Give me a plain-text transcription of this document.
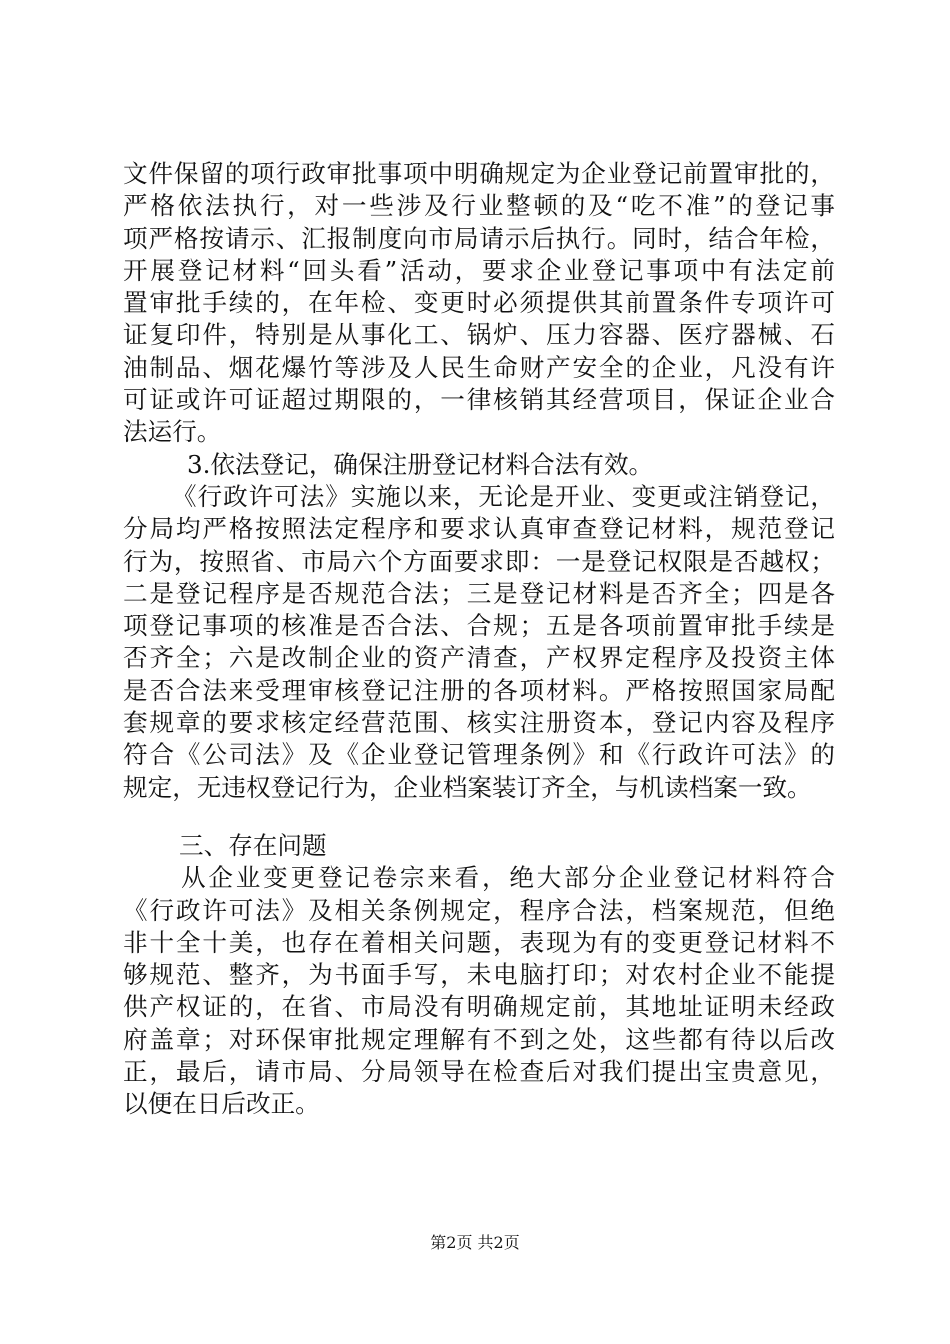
文件保留的项行政审批事项中明确规定为企业登记前置审批的，
严格依法执行，对一些涉及行业整顿的及“吃不准”的登记事
项严格按请示、汇报制度向市局请示后执行。同时，结合年检，
开展登记材料“回头看”活动，要求企业登记事项中有法定前
置审批手续的，在年检、变更时必须提供其前置条件专项许可
证复印件，特别是从事化工、锅炉、压力容器、医疗器械、石
油制品、烟花爆竹等涉及人民生命财产安全的企业，凡没有许
可证或许可证超过期限的，一律核销其经营项目，保证企业合
法运行。
3.依法登记，确保注册登记材料合法有效。
《行政许可法》实施以来，无论是开业、变更或注销登记，
分局均严格按照法定程序和要求认真审查登记材料，规范登记
行为，按照省、市局六个方面要求即：一是登记权限是否越权；
二是登记程序是否规范合法；三是登记材料是否齐全；四是各
项登记事项的核准是否合法、合规；五是各项前置审批手续是
否齐全；六是改制企业的资产清查，产权界定程序及投资主体
是否合法来受理审核登记注册的各项材料。严格按照国家局配
套规章的要求核定经营范围、核实注册资本，登记内容及程序
符合《公司法》及《企业登记管理条例》和《行政许可法》的
规定，无违权登记行为，企业档案装订齐全，与机读档案一致。
三、存在问题
从企业变更登记卷宗来看，绝大部分企业登记材料符合
《行政许可法》及相关条例规定，程序合法，档案规范，但绝
非十全十美，也存在着相关问题，表现为有的变更登记材料不
够规范、整齐，为书面手写，未电脑打印；对农村企业不能提
供产权证的，在省、市局没有明确规定前，其地址证明未经政
府盖章；对环保审批规定理解有不到之处，这些都有待以后改
正，最后，请市局、分局领导在检查后对我们提出宝贵意见，
以便在日后改正。
第2页 共2页
